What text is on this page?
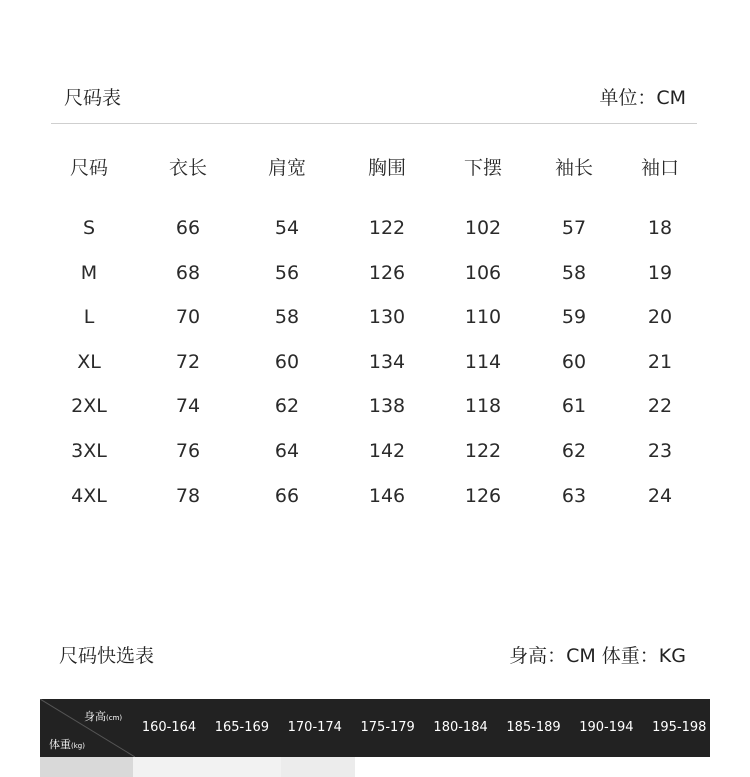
尺码表	单位：CM
尺码	衣长	肩宽	胸围	下摆	袖长	袖口
S	66	54	122	102	57	18
M	68	56	126	106	58	19
L	70	58	130	110	59	20
XL	72	60	134	114	60	21
2XL	74	62	138	118	61	22
3XL	76	64	142	122	62	23
4XL	78	66	146	126	63	24
尺码快选表	身高：CM 体重：KG
身高(cm)
体重(kg)
160-164	165-169	170-174	175-179	180-184	185-189	190-194	195-198
